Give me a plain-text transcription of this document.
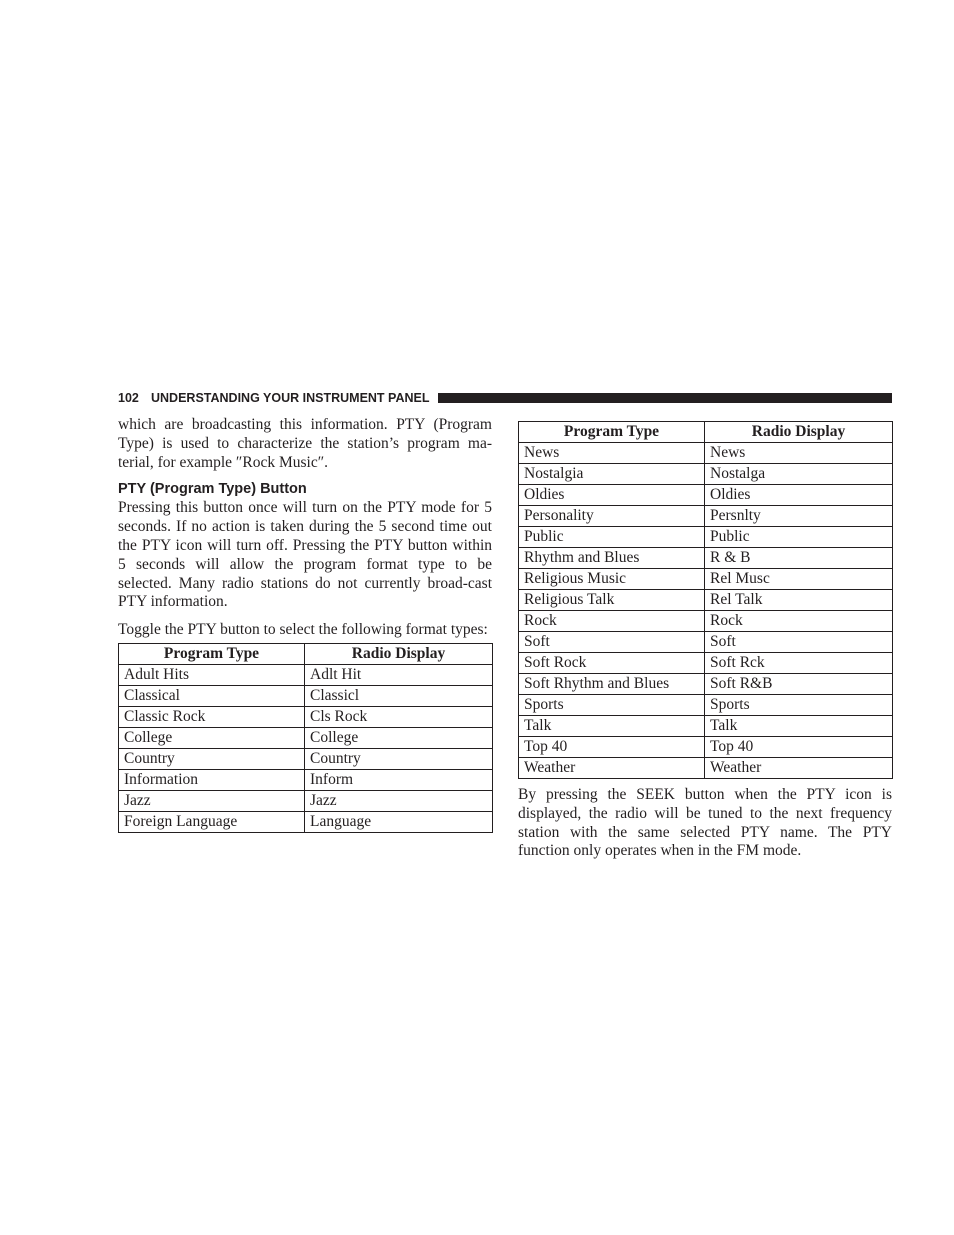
102 UNDERSTANDING YOUR INSTRUMENT PANEL

which are broadcasting this information. PTY (Program Type) is used to characterize the station’s program ma-terial, for example ″Rock Music″.

PTY (Program Type) Button

Pressing this button once will turn on the PTY mode for 5 seconds. If no action is taken during the 5 second time out the PTY icon will turn off. Pressing the PTY button within 5 seconds will allow the program format type to be selected. Many radio stations do not currently broad-cast PTY information.

Toggle the PTY button to select the following format types:

Program Type	Radio Display
Adult Hits	Adlt Hit
Classical	Classicl
Classic Rock	Cls Rock
College	College
Country	Country
Information	Inform
Jazz	Jazz
Foreign Language	Language
Program Type	Radio Display
News	News
Nostalgia	Nostalga
Oldies	Oldies
Personality	Persnlty
Public	Public
Rhythm and Blues	R & B
Religious Music	Rel Musc
Religious Talk	Rel Talk
Rock	Rock
Soft	Soft
Soft Rock	Soft Rck
Soft Rhythm and Blues	Soft R&B
Sports	Sports
Talk	Talk
Top 40	Top 40
Weather	Weather

By pressing the SEEK button when the PTY icon is displayed, the radio will be tuned to the next frequency station with the same selected PTY name. The PTY function only operates when in the FM mode.
